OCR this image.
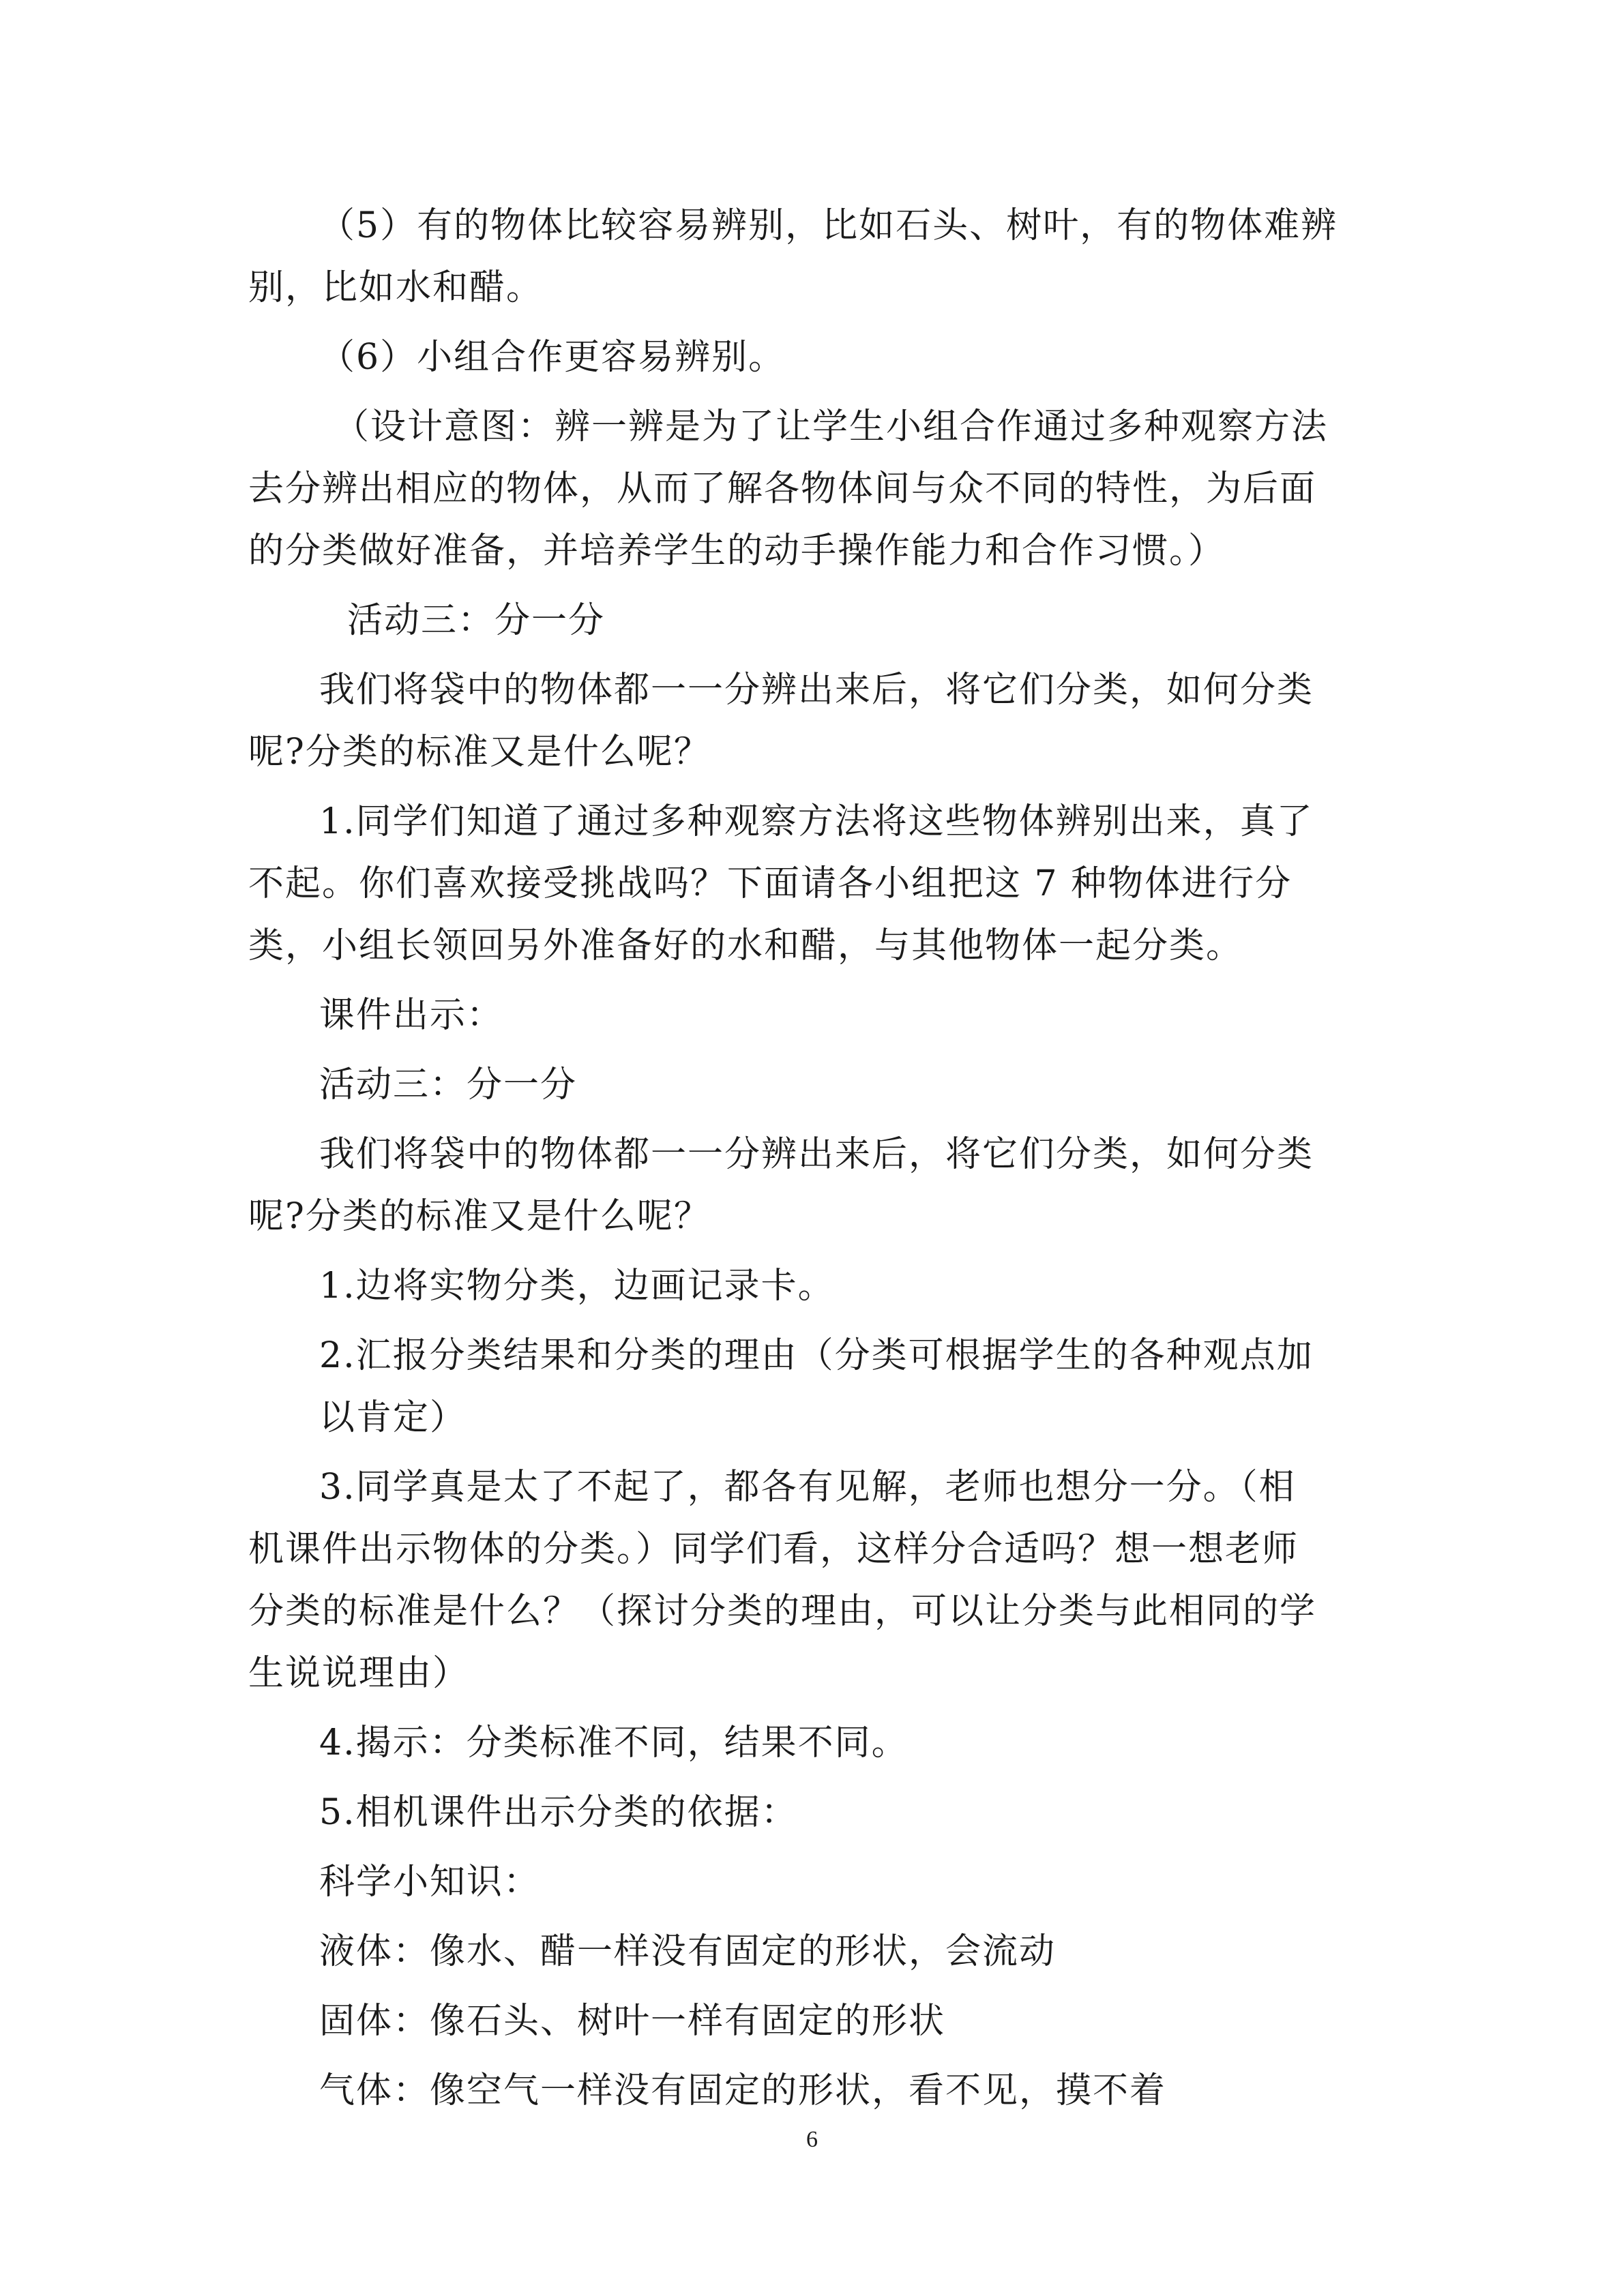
（5）有的物体比较容易辨别，比如石头、树叶，有的物体难辨

别，比如水和醋。

（6）小组合作更容易辨别。

（设计意图：辨一辨是为了让学生小组合作通过多种观察方法

去分辨出相应的物体，从而了解各物体间与众不同的特性，为后面

的分类做好准备，并培养学生的动手操作能力和合作习惯。）

活动三：分一分

我们将袋中的物体都一一分辨出来后，将它们分类，如何分类

呢?分类的标准又是什么呢？

1.同学们知道了通过多种观察方法将这些物体辨别出来，真了

不起。你们喜欢接受挑战吗？下面请各小组把这 7 种物体进行分

类，小组长领回另外准备好的水和醋，与其他物体一起分类。

课件出示：

活动三：分一分

我们将袋中的物体都一一分辨出来后，将它们分类，如何分类

呢?分类的标准又是什么呢？

1.边将实物分类，边画记录卡。

2.汇报分类结果和分类的理由（分类可根据学生的各种观点加

以肯定）

3.同学真是太了不起了，都各有见解，老师也想分一分。（相

机课件出示物体的分类。）同学们看，这样分合适吗？想一想老师

分类的标准是什么？（探讨分类的理由，可以让分类与此相同的学

生说说理由）

4.揭示：分类标准不同，结果不同。

5.相机课件出示分类的依据：

科学小知识：

液体：像水、醋一样没有固定的形状，会流动

固体：像石头、树叶一样有固定的形状

气体：像空气一样没有固定的形状，看不见，摸不着

6
